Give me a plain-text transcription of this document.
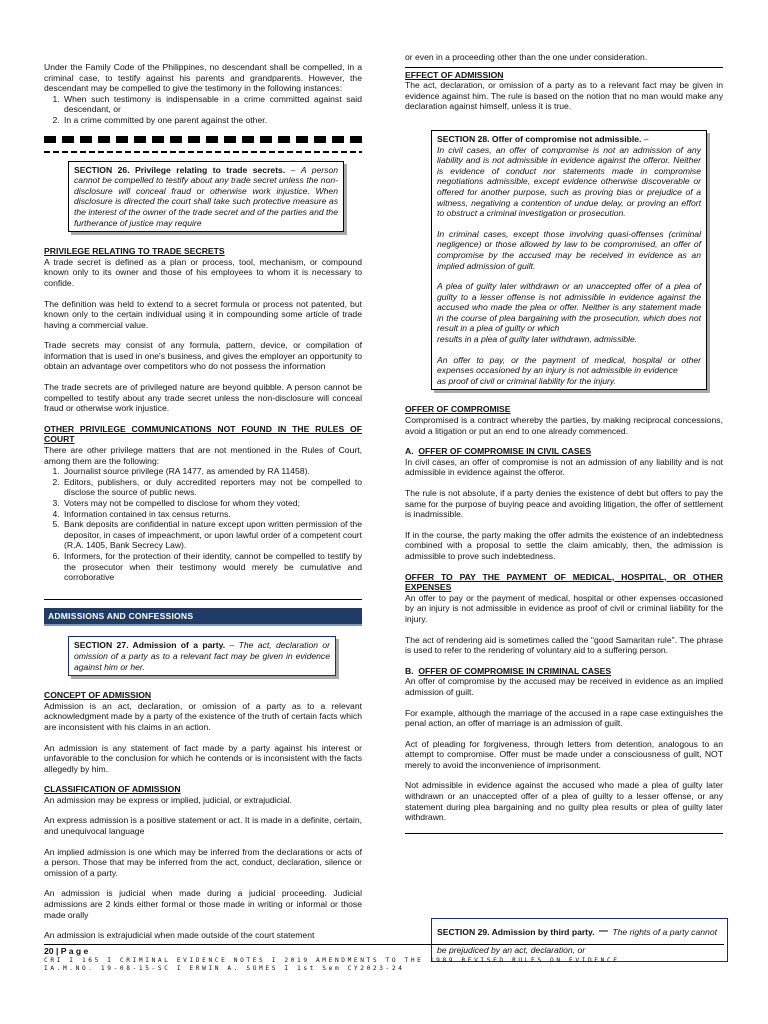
Under the Family Code of the Philippines, no descendant shall be compelled, in a criminal case, to testify against his parents and grandparents. However, the descendant may be compelled to give the testimony in the following instances:

1. When such testimony is indispensable in a crime committed against said descendant, or
2. In a crime committed by one parent against the other.
SECTION 26. Privilege relating to trade secrets. – A person cannot be compelled to testify about any trade secret unless the non-disclosure will conceal fraud or otherwise work injustice. When disclosure is directed the court shall take such protective measure as the interest of the owner of the trade secret and of the parties and the furtherance of justice may require

PRIVILEGE RELATING TO TRADE SECRETS

A trade secret is defined as a plan or process, tool, mechanism, or compound known only to its owner and those of his employees to whom it is necessary to confide.

The definition was held to extend to a secret formula or process not patented, but known only to the certain individual using it in compounding some article of trade having a commercial value.

Trade secrets may consist of any formula, pattern, device, or compilation of information that is used in one's business, and gives the employer an opportunity to obtain an advantage over competitors who do not possess the information

The trade secrets are of privileged nature are beyond quibble. A person cannot be compelled to testify about any trade secret unless the non-disclosure will conceal fraud or otherwise work injustice.

OTHER PRIVILEGE COMMUNICATIONS NOT FOUND IN THE RULES OF COURT

There are other privilege matters that are not mentioned in the Rules of Court, among them are the following:

1. Journalist source privilege (RA 1477, as amended by RA 11458).
2. Editors, publishers, or duly accredited reporters may not be compelled to disclose the source of public news.
3. Voters may not be compelled to disclose for whom they voted;
4. Information contained in tax census returns.
5. Bank deposits are confidential in nature except upon written permission of the depositor, in cases of impeachment, or upon lawful order of a competent court (R.A. 1405, Bank Secrecy Law).
6. Informers, for the protection of their identity, cannot be compelled to testify by the prosecutor when their testimony would merely be cumulative and corroborative
ADMISSIONS AND CONFESSIONS
SECTION 27. Admission of a party. – The act, declaration or omission of a party as to a relevant fact may be given in evidence against him or her.

CONCEPT OF ADMISSION

Admission is an act, declaration, or omission of a party as to a relevant acknowledgment made by a party of the existence of the truth of certain facts which are inconsistent with his claims in an action.

An admission is any statement of fact made by a party against his interest or unfavorable to the conclusion for which he contends or is inconsistent with the facts allegedly by him.

CLASSIFICATION OF ADMISSION

An admission may be express or implied, judicial, or extrajudicial.

An express admission is a positive statement or act. It is made in a definite, certain, and unequivocal language

An implied admission is one which may be inferred from the declarations or acts of a person. Those that may be inferred from the act, conduct, declaration, silence or omission of a party.

An admission is judicial when made during a judicial proceeding. Judicial admissions are 2 kinds either formal or those made in writing or informal or those made orally

An admission is extrajudicial when made outside of the court statement

or even in a proceeding other than the one under consideration.

EFFECT OF ADMISSION

The act, declaration, or omission of a party as to a relevant fact may be given in evidence against him. The rule is based on the notion that no man would make any declaration against himself, unless it is true.

SECTION 28. Offer of compromise not admissible. –
In civil cases, an offer of compromise is not an admission of any liability and is not admissible in evidence against the offeror. Neither is evidence of conduct nor statements made in compromise negotiations admissible, except evidence otherwise discoverable or offered for another purpose, such as proving bias or prejudice of a witness, negativing a contention of undue delay, or proving an effort to obstruct a criminal investigation or prosecution.
In criminal cases, except those involving quasi-offenses (criminal negligence) or those allowed by law to be compromised, an offer of compromise by the accused may be received in evidence as an implied admission of guilt.
A plea of guilty later withdrawn or an unaccepted offer of a plea of guilty to a lesser offense is not admissible in evidence against the accused who made the plea or offer. Neither is any statement made in the course of plea bargaining with the prosecution, which does not result in a plea of guilty or which
results in a plea of guilty later withdrawn, admissible.
An offer to pay, or the payment of medical, hospital or other expenses occasioned by an injury is not admissible in evidence
as proof of civil or criminal liability for the injury.

OFFER OF COMPROMISE

Compromised is a contract whereby the parties, by making reciprocal concessions, avoid a litigation or put an end to one already commenced.

A. OFFER OF COMPROMISE IN CIVIL CASES

In civil cases, an offer of compromise is not an admission of any liability and is not admissible in evidence against the offeror.

The rule is not absolute, if a party denies the existence of debt but offers to pay the same for the purpose of buying peace and avoiding litigation, the offer of settlement is inadmissible.

If in the course, the party making the offer admits the existence of an indebtedness combined with a proposal to settle the claim amicably, then, the admission is admissible to prove such indebtedness.

OFFER TO PAY THE PAYMENT OF MEDICAL, HOSPITAL, OR OTHER EXPENSES

An offer to pay or the payment of medical, hospital or other expenses occasioned by an injury is not admissible in evidence as proof of civil or criminal liability for the injury.

The act of rendering aid is sometimes called the "good Samaritan rule". The phrase is used to refer to the rendering of voluntary aid to a suffering person.

B. OFFER OF COMPROMISE IN CRIMINAL CASES

An offer of compromise by the accused may be received in evidence as an implied admission of guilt.

For example, although the marriage of the accused in a rape case extinguishes the penal action, an offer of marriage is an admission of guilt.

Act of pleading for forgiveness, through letters from detention, analogous to an attempt to compromise. Offer must be made under a consciousness of guilt, NOT merely to avoid the inconvenience of imprisonment.

Not admissible in evidence against the accused who made a plea of guilty later withdrawn or an unaccepted offer of a plea of guilty to a lesser offense, or any statement during plea bargaining and no guilty plea results or plea of guilty later withdrawn.

SECTION 29. Admission by third party. – The rights of a party cannot be prejudiced by an act, declaration, or
20 | P a g e
CRI I 165 I CRIMINAL EVIDENCE NOTES I 2019 AMENDMENTS TO THE 1989 REVISED RULES ON EVIDENCE
IA.M.NO. 19-08-15-SC I ERWIN A. SOMES I 1st Sem CY2023-24
